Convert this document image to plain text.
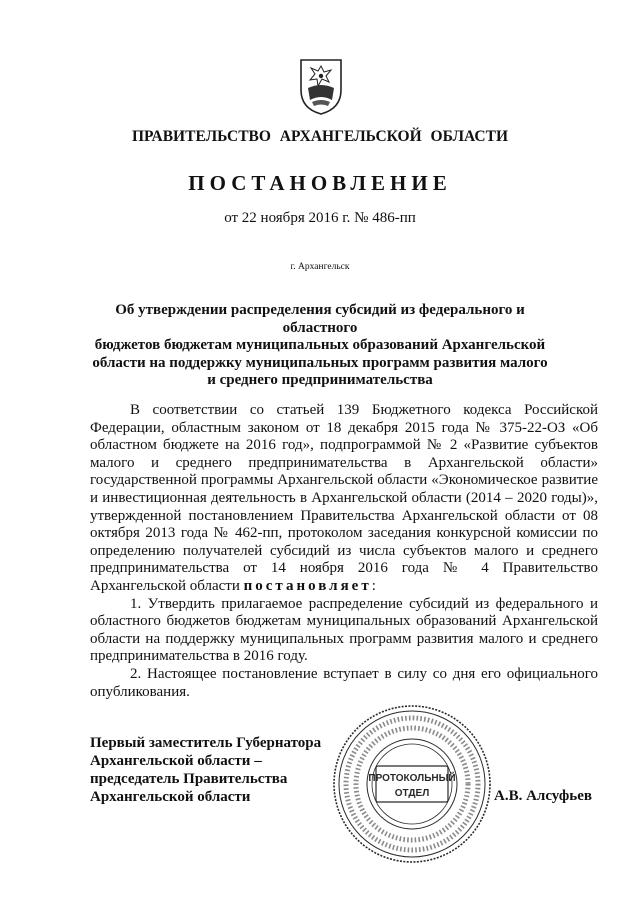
ПРАВИТЕЛЬСТВО АРХАНГЕЛЬСКОЙ ОБЛАСТИ
ПОСТАНОВЛЕНИЕ
от 22 ноября 2016 г. № 486-пп
г. Архангельск
Об утверждении распределения субсидий из федерального и областного
бюджетов бюджетам муниципальных образований Архангельской
области на поддержку муниципальных программ развития малого
и среднего предпринимательства

В соответствии со статьей 139 Бюджетного кодекса Российской Федерации, областным законом от 18 декабря 2015 года № 375-22-ОЗ «Об областном бюджете на 2016 год», подпрограммой № 2 «Развитие субъектов малого и среднего предпринимательства в Архангельской области» государственной программы Архангельской области «Экономическое развитие и инвестиционная деятельность в Архангельской области (2014 – 2020 годы)», утвержденной постановлением Правительства Архангельской области от 08 октября 2013 года № 462-пп, протоколом заседания конкурсной комиссии по определению получателей субсидий из числа субъектов малого и среднего предпринимательства от 14 ноября 2016 года № 4 Правительство Архангельской области постановляет:

1. Утвердить прилагаемое распределение субсидий из федерального и областного бюджетов бюджетам муниципальных образований Архангельской области на поддержку муниципальных программ развития малого и среднего предпринимательства в 2016 году.

2. Настоящее постановление вступает в силу со дня его официального опубликования.

Первый заместитель Губернатора
Архангельской области –
председатель Правительства
Архангельской области	А.В. Алсуфьев
ПРОТОКОЛЬНЫЙ
ОТДЕЛ
